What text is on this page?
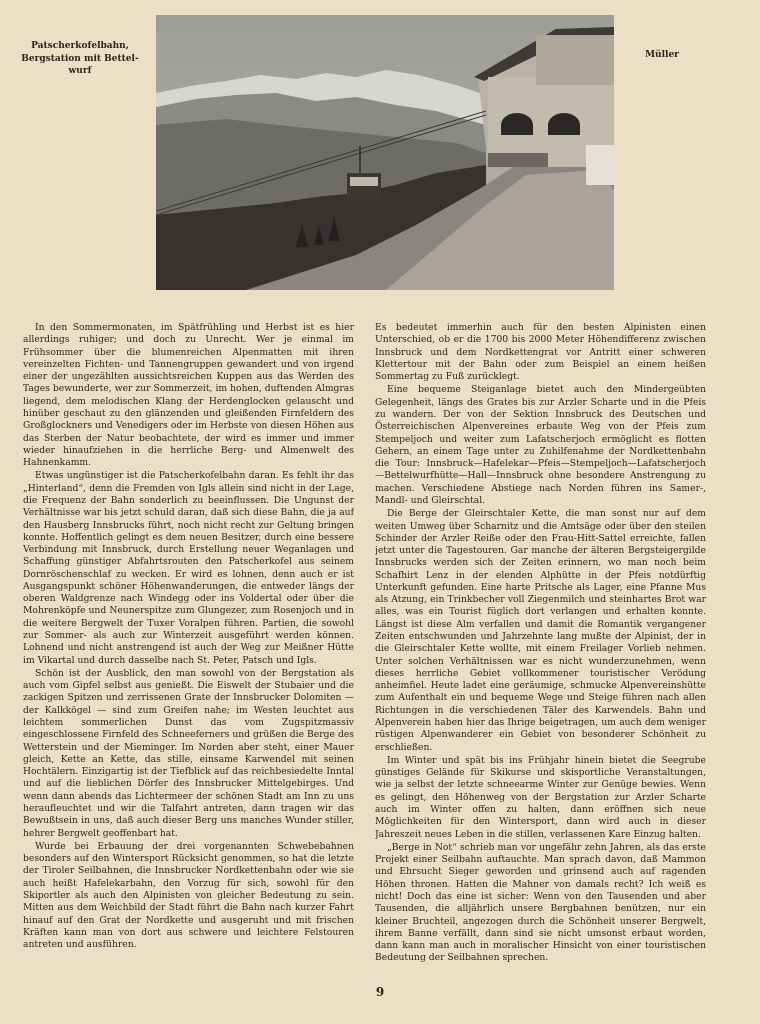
Patscherkofelbahn, Bergstation mit Bettel-wurf
Müller

In den Sommermonaten, im Spätfrühling und Herbst ist es hier allerdings ruhiger; und doch zu Unrecht. Wer je einmal im Frühsommer über die blumenreichen Alpenmatten mit ihren vereinzelten Fichten- und Tannengruppen gewandert und von irgend einer der ungezählten aussichtsreichen Kuppen aus das Werden des Tages bewunderte, wer zur Sommerzeit, im hohen, duftenden Almgras liegend, dem melodischen Klang der Herdenglocken gelauscht und hinüber geschaut zu den glänzenden und gleißenden Firnfeldern des Großglockners und Venedigers oder im Herbste von diesen Höhen aus das Sterben der Natur beobachtete, der wird es immer und immer wieder hinaufziehen in die herrliche Berg- und Almenwelt des Hahnenkamm.

Etwas ungünstiger ist die Patscherkofelbahn daran. Es fehlt ihr das „Hinterland“, denn die Fremden von Igls allein sind nicht in der Lage, die Frequenz der Bahn sonderlich zu beeinflussen. Die Ungunst der Verhältnisse war bis jetzt schuld daran, daß sich diese Bahn, die ja auf den Hausberg Innsbrucks führt, noch nicht recht zur Geltung bringen konnte. Hoffentlich gelingt es dem neuen Besitzer, durch eine bessere Verbindung mit Innsbruck, durch Erstellung neuer Weganlagen und Schaffung günstiger Abfahrtsrouten den Patscherkofel aus seinem Dornröschenschlaf zu wecken. Er wird es lohnen, denn auch er ist Ausgangspunkt schöner Höhenwanderungen, die entweder längs der oberen Waldgrenze nach Windegg oder ins Voldertal oder über die Mohrenköpfe und Neunerspitze zum Glungezer, zum Rosenjoch und in die weitere Bergwelt der Tuxer Voralpen führen. Partien, die sowohl zur Sommer- als auch zur Winterzeit ausgeführt werden können. Lohnend und nicht anstrengend ist auch der Weg zur Meißner Hütte im Vikartal und durch dasselbe nach St. Peter, Patsch und Igls.

Schön ist der Ausblick, den man sowohl von der Bergstation als auch vom Gipfel selbst aus genießt. Die Eiswelt der Stubaier und die zackigen Spitzen und zerrissenen Grate der Innsbrucker Dolomiten — der Kalkkögel — sind zum Greifen nahe; im Westen leuchtet aus leichtem sommerlichen Dunst das vom Zugspitzmassiv eingeschlossene Firnfeld des Schneeferners und grüßen die Berge des Wetterstein und der Mieminger. Im Norden aber steht, einer Mauer gleich, Kette an Kette, das stille, einsame Karwendel mit seinen Hochtälern. Einzigartig ist der Tiefblick auf das reichbesiedelte Inntal und auf die lieblichen Dörfer des Innsbrucker Mittelgebirges. Und wenn dann abends das Lichtermeer der schönen Stadt am Inn zu uns heraufleuchtet und wir die Talfahrt antreten, dann tragen wir das Bewußtsein in uns, daß auch dieser Berg uns manches Wunder stiller, hehrer Bergwelt geoffenbart hat.

Wurde bei Erbauung der drei vorgenannten Schwebebahnen besonders auf den Wintersport Rücksicht genommen, so hat die letzte der Tiroler Seilbahnen, die Innsbrucker Nordkettenbahn oder wie sie auch heißt Hafelekarbahn, den Vorzug für sich, sowohl für den Skiportler als auch den Alpinisten von gleicher Bedeutung zu sein. Mitten aus dem Weichbild der Stadt führt die Bahn nach kurzer Fahrt hinauf auf den Grat der Nordkette und ausgeruht und mit frischen Kräften kann man von dort aus schwere und leichtere Felstouren antreten und ausführen.

Es bedeutet immerhin auch für den besten Alpinisten einen Unterschied, ob er die 1700 bis 2000 Meter Höhendifferenz zwischen Innsbruck und dem Nordkettengrat vor Antritt einer schweren Klettertour mit der Bahn oder zum Beispiel an einem heißen Sommertag zu Fuß zurücklegt.

Eine bequeme Steiganlage bietet auch den Mindergeübten Gelegenheit, längs des Grates bis zur Arzler Scharte und in die Pfeis zu wandern. Der von der Sektion Innsbruck des Deutschen und Österreichischen Alpenvereines erbaute Weg von der Pfeis zum Stempeljoch und weiter zum Lafatscherjoch ermöglicht es flotten Gehern, an einem Tage unter zu Zuhilfenahme der Nordkettenbahn die Tour: Innsbruck—Hafelekar—Pfeis—Stempeljoch—Lafatscherjoch—Bettelwurfhütte—Hall—Innsbruck ohne besondere Anstrengung zu machen. Verschiedene Abstiege nach Norden führen ins Samer-, Mandl- und Gleirschtal.

Die Berge der Gleirschtaler Kette, die man sonst nur auf dem weiten Umweg über Scharnitz und die Amtsäge oder über den steilen Schinder der Arzler Reiße oder den Frau-Hitt-Sattel erreichte, fallen jetzt unter die Tagestouren. Gar manche der älteren Bergsteigergilde Innsbrucks werden sich der Zeiten erinnern, wo man noch beim Schafhirt Lenz in der elenden Alphütte in der Pfeis notdürftig Unterkunft gefunden. Eine harte Pritsche als Lager, eine Pfanne Mus als Atzung, ein Trinkbecher voll Ziegenmilch und steinhartes Brot war alles, was ein Tourist füglich dort verlangen und erhalten konnte. Längst ist diese Alm verfallen und damit die Romantik vergangener Zeiten entschwunden und Jahrzehnte lang mußte der Alpinist, der in die Gleirschtaler Kette wollte, mit einem Freilager Vorlieb nehmen. Unter solchen Verhältnissen war es nicht wunderzunehmen, wenn dieses herrliche Gebiet vollkommener touristischer Verödung anheimfiel. Heute ladet eine geräumige, schmucke Alpenvereinshütte zum Aufenthalt ein und bequeme Wege und Steige führen nach allen Richtungen in die verschiedenen Täler des Karwendels. Bahn und Alpenverein haben hier das Ihrige beigetragen, um auch dem weniger rüstigen Alpenwanderer ein Gebiet von besonderer Schönheit zu erschließen.

Im Winter und spät bis ins Frühjahr hinein bietet die Seegrube günstiges Gelände für Skikurse und skisportliche Veranstaltungen, wie ja selbst der letzte schneearme Winter zur Genüge bewies. Wenn es gelingt, den Höhenweg von der Bergstation zur Arzler Scharte auch im Winter offen zu halten, dann eröffnen sich neue Möglichkeiten für den Wintersport, dann wird auch in dieser Jahreszeit neues Leben in die stillen, verlassenen Kare Einzug halten.

„Berge in Not“ schrieb man vor ungefähr zehn Jahren, als das erste Projekt einer Seilbahn auftauchte. Man sprach davon, daß Mammon und Ehrsucht Sieger geworden und grinsend auch auf ragenden Höhen thronen. Hatten die Mahner von damals recht? Ich weiß es nicht! Doch das eine ist sicher: Wenn von den Tausenden und aber Tausenden, die alljährlich unsere Bergbahnen benützen, nur ein kleiner Bruchteil, angezogen durch die Schönheit unserer Bergwelt, ihrem Banne verfällt, dann sind sie nicht umsonst erbaut worden, dann kann man auch in moralischer Hinsicht von einer touristischen Bedeutung der Seilbahnen sprechen.

9
